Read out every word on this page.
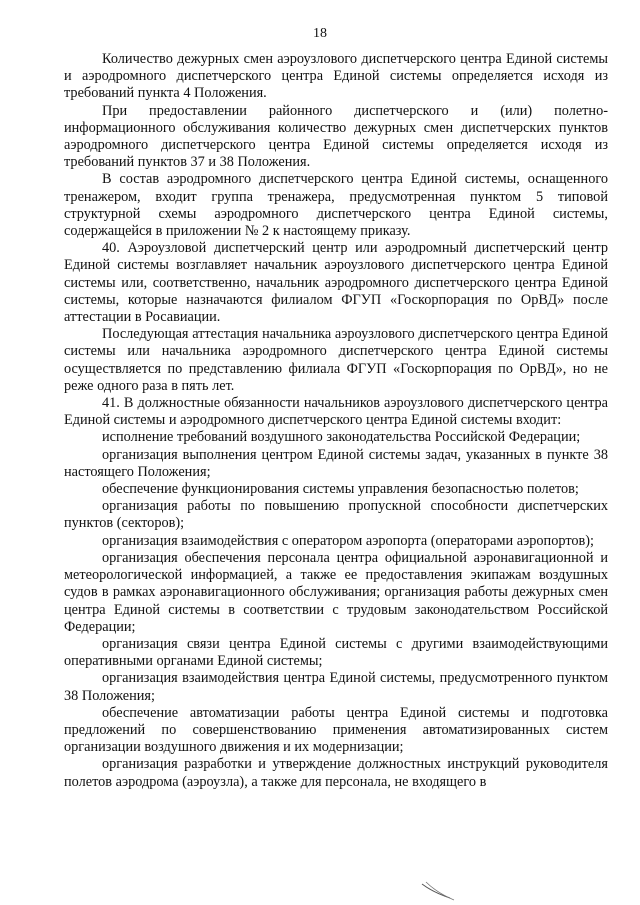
18

Количество дежурных смен аэроузлового диспетчерского центра Единой системы и аэродромного диспетчерского центра Единой системы определяется исходя из требований пункта 4 Положения.

При предоставлении районного диспетчерского и (или) полетно-информационного обслуживания количество дежурных смен диспетчерских пунктов аэродромного диспетчерского центра Единой системы определяется исходя из требований пунктов 37 и 38 Положения.

В состав аэродромного диспетчерского центра Единой системы, оснащенного тренажером, входит группа тренажера, предусмотренная пунктом 5 типовой структурной схемы аэродромного диспетчерского центра Единой системы, содержащейся в приложении № 2 к настоящему приказу.

40. Аэроузловой диспетчерский центр или аэродромный диспетчерский центр Единой системы возглавляет начальник аэроузлового диспетчерского центра Единой системы или, соответственно, начальник аэродромного диспетчерского центра Единой системы, которые назначаются филиалом ФГУП «Госкорпорация по ОрВД» после аттестации в Росавиации.

Последующая аттестация начальника аэроузлового диспетчерского центра Единой системы или начальника аэродромного диспетчерского центра Единой системы осуществляется по представлению филиала ФГУП «Госкорпорация по ОрВД», но не реже одного раза в пять лет.

41. В должностные обязанности начальников аэроузлового диспетчерского центра Единой системы и аэродромного диспетчерского центра Единой системы входит:

исполнение требований воздушного законодательства Российской Федерации;

организация выполнения центром Единой системы задач, указанных в пункте 38 настоящего Положения;

обеспечение функционирования системы управления безопасностью полетов;

организация работы по повышению пропускной способности диспетчерских пунктов (секторов);

организация взаимодействия с оператором аэропорта (операторами аэропортов);

организация обеспечения персонала центра официальной аэронавигационной и метеорологической информацией, а также ее предоставления экипажам воздушных судов в рамках аэронавигационного обслуживания; организация работы дежурных смен центра Единой системы в соответствии с трудовым законодательством Российской Федерации;

организация связи центра Единой системы с другими взаимодействующими оперативными органами Единой системы;

организация взаимодействия центра Единой системы, предусмотренного пунктом 38 Положения;

обеспечение автоматизации работы центра Единой системы и подготовка предложений по совершенствованию применения автоматизированных систем организации воздушного движения и их модернизации;

организация разработки и утверждение должностных инструкций руководителя полетов аэродрома (аэроузла), а также для персонала, не входящего в
